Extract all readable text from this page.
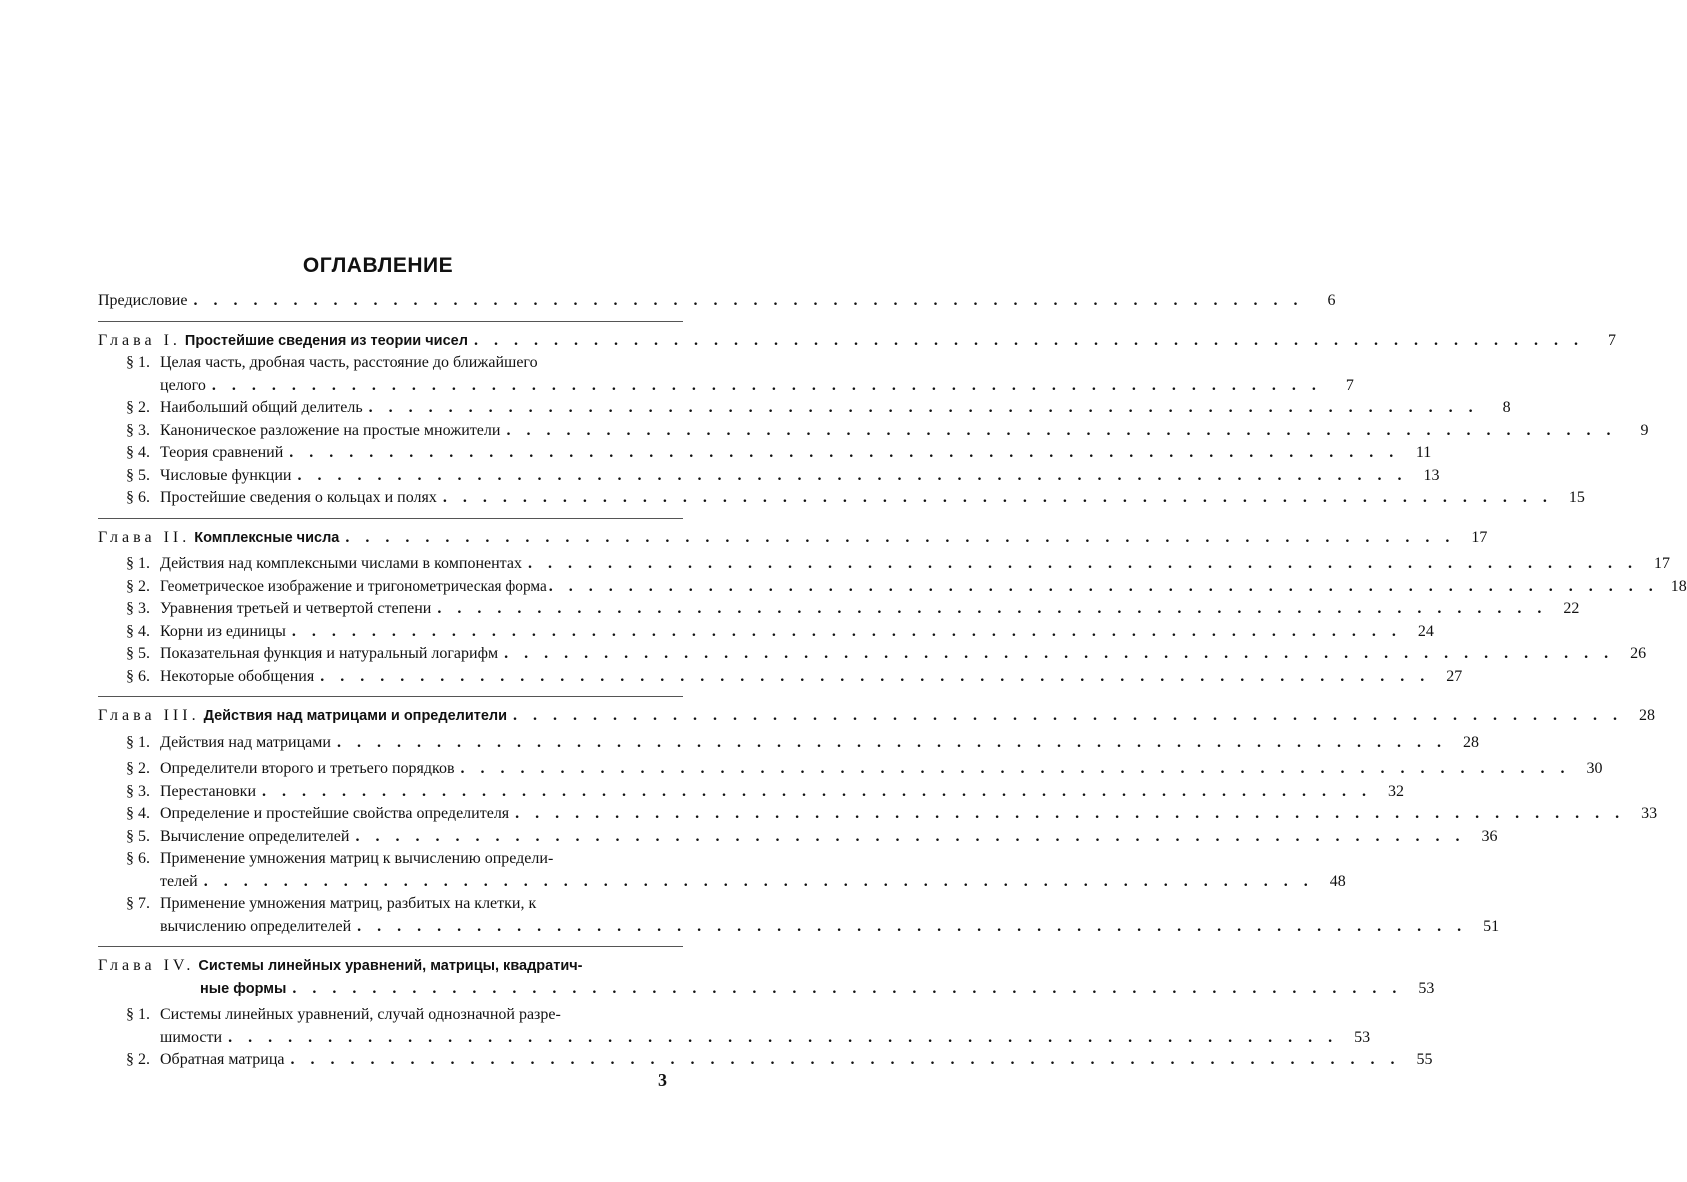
ОГЛАВЛЕНИЕ
Предисловие . . .	6
Глава I. Простейшие сведения из теории чисел . . .	7
§ 1. Целая часть, дробная часть, расстояние до ближайшего
целого . . .	7
§ 2. Наибольший общий делитель . . .	8
§ 3. Каноническое разложение на простые множители . . .	9
§ 4. Теория сравнений . . .	11
§ 5. Числовые функции . . .	13
§ 6. Простейшие сведения о кольцах и полях . . .	15
Глава II. Комплексные числа . . .	17
§ 1. Действия над комплексными числами в компонентах . . .	17
§ 2. Геометрическое изображение и тригонометрическая форма . . .	18
§ 3. Уравнения третьей и четвертой степени . . .	22
§ 4. Корни из единицы . . .	24
§ 5. Показательная функция и натуральный логарифм . . .	26
§ 6. Некоторые обобщения . . .	27
Глава III. Действия над матрицами и определители . . .	28
§ 1. Действия над матрицами . . .	28
§ 2. Определители второго и третьего порядков . . .	30
§ 3. Перестановки . . .	32
§ 4. Определение и простейшие свойства определителя . . .	33
§ 5. Вычисление определителей . . .	36
§ 6. Применение умножения матриц к вычислению определи-
телей . . .	48
§ 7. Применение умножения матриц, разбитых на клетки, к
вычислению определителей . . .	51
Глава IV. Системы линейных уравнений, матрицы, квадратич-
ные формы . . .	53
§ 1. Системы линейных уравнений, случай однозначной разре-
шимости . . .	53
§ 2. Обратная матрица . . .	55
3
